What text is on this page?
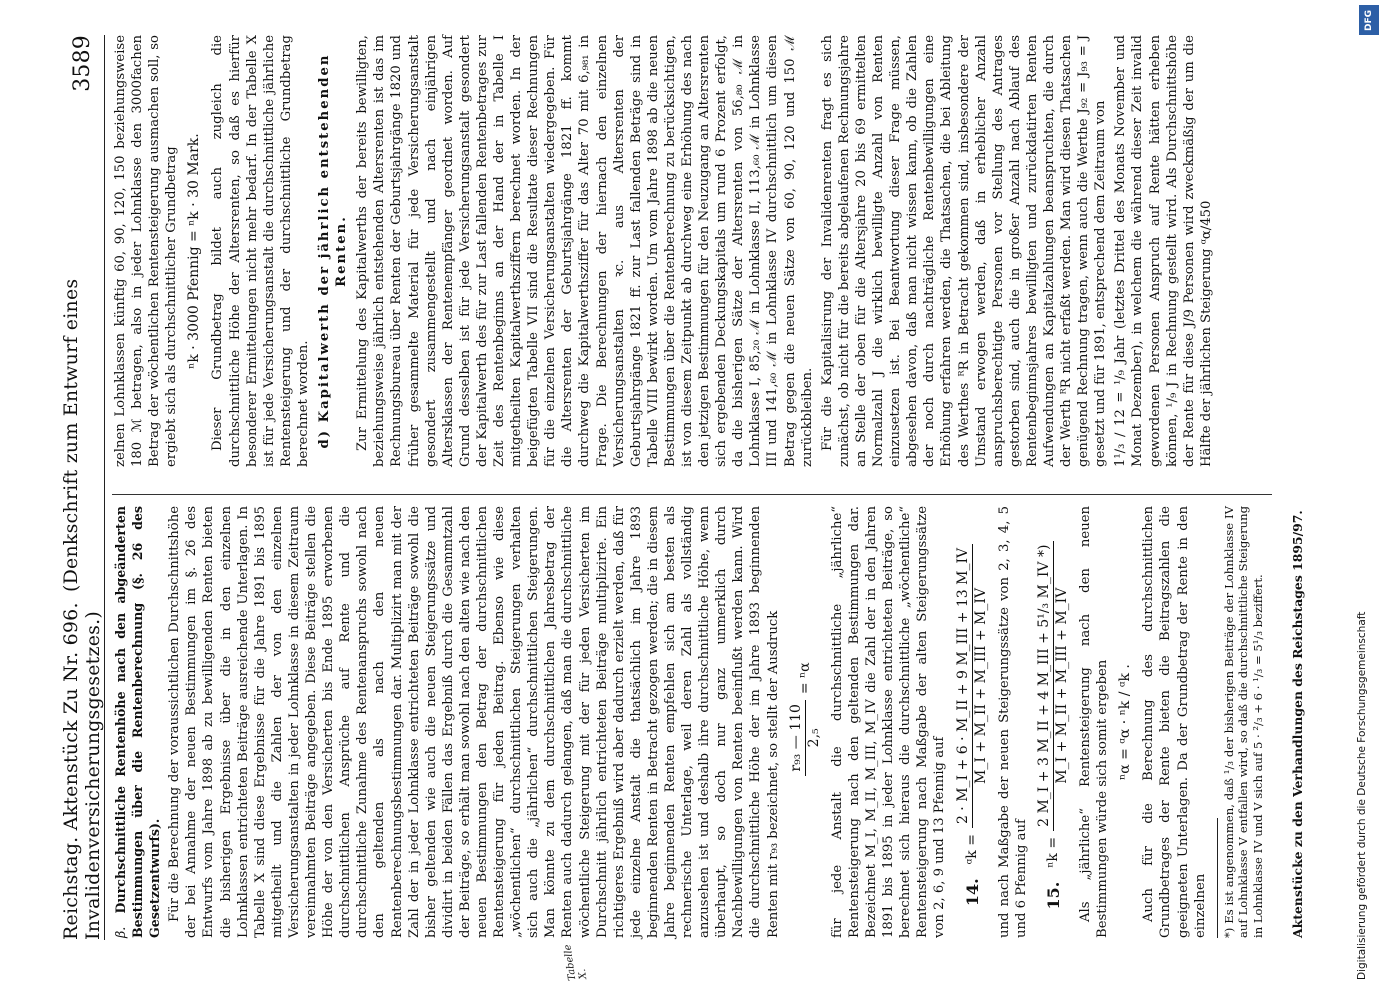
Reichstag. Aktenstück Zu Nr. 696. (Denkschrift zum Entwurf eines Invalidenversicherungsgesetzes.)
3589
Tabelle X.

β. Durchschnittliche Rentenhöhe nach den abgeänderten Bestimmungen über die Rentenberechnung (§. 26 des Gesetzentwurfs). Für die Berechnung der voraussichtlichen Durchschnittshöhe der bei Annahme der neuen Bestimmungen im §. 26 des Entwurfs vom Jahre 1898 ab zu bewilligenden Renten bieten die bisherigen Ergebnisse über die in den einzelnen Lohnklassen entrichteten Beiträge ausreichende Unterlagen. In Tabelle X sind diese Ergebnisse für die Jahre 1891 bis 1895 mitgetheilt und die Zahlen der von den einzelnen Versicherungsanstalten in jeder Lohnklasse in diesem Zeitraum vereinnahmten Beiträge angegeben. Diese Beiträge stellen die Höhe der von den Versicherten bis Ende 1895 erworbenen durchschnittlichen Ansprüche auf Rente und die durchschnittliche Zunahme des Rentenanspruchs sowohl nach den geltenden als nach den neuen Rentenberechnungsbestimmungen dar. Multiplizirt man mit der Zahl der in jeder Lohnklasse entrichteten Beiträge sowohl die bisher geltenden wie auch die neuen Steigerungssätze und dividirt in beiden Fällen das Ergebniß durch die Gesammtzahl der Beiträge, so erhält man sowohl nach den alten wie nach den neuen Bestimmungen den Betrag der durchschnittlichen Rentensteigerung für jeden Beitrag. Ebenso wie diese „wöchentlichen“ durchschnittlichen Steigerungen verhalten sich auch die „jährlichen“ durchschnittlichen Steigerungen. Man könnte zu dem durchschnittlichen Jahresbetrag der Renten auch dadurch gelangen, daß man die durchschnittliche wöchentliche Steigerung mit der für jeden Versicherten im Durchschnitt jährlich entrichteten Beiträge multiplizirte. Ein richtigeres Ergebniß wird aber dadurch erzielt werden, daß für jede einzelne Anstalt die thatsächlich im Jahre 1893 beginnenden Renten in Betracht gezogen werden; die in diesem Jahre beginnenden Renten empfehlen sich am besten als rechnerische Unterlage, weil deren Zahl als vollständig anzusehen ist und deshalb ihre durchschnittliche Höhe, wenn überhaupt, so doch nur ganz unmerklich durch Nachbewilligungen von Renten beeinflußt werden kann. Wird die durchschnittliche Höhe der im Jahre 1893 beginnenden Renten mit r₉₃ bezeichnet, so stellt der Ausdruck r₉₃ — 110 2,₅
= ⁿα für jede Anstalt die durchschnittliche „jährliche“ Rentensteigerung nach den geltenden Bestimmungen dar. Bezeichnet M_I, M_II, M_III, M_IV die Zahl der in den Jahren 1891 bis 1895 in jeder Lohnklasse entrichteten Beiträge, so berechnet sich hieraus die durchschnittliche „wöchentliche“ Rentensteigerung nach Maßgabe der alten Steigerungssätze von 2, 6, 9 und 13 Pfennig auf 14.
ᵅk =
2 · M_I + 6 · M_II + 9 M_III + 13 M_IV M_I + M_II + M_III + M_IV und nach Maßgabe der neuen Steigerungssätze von 2, 3, 4, 5 und 6 Pfennig auf 15.
ⁿk =
2 M_I + 3 M_II + 4 M_III + 5¹/₃ M_IV *) M_I + M_II + M_III + M_IV Als „jährliche“ Rentensteigerung nach den neuen Bestimmungen würde sich somit ergeben ⁿα = ᵅα · ⁿk / ᵅk . Auch für die Berechnung des durchschnittlichen Grundbetrages der Rente bieten die Beitragszahlen die geeigneten Unterlagen. Da der Grundbetrag der Rente in den einzelnen *) Es ist angenommen, daß ¹/₃ der bisherigen Beiträge der Lohnklasse IV auf Lohnklasse V entfallen wird, so daß die durchschnittliche Steigerung in Lohnklasse IV und V sich auf 5 · ²/₃ + 6 · ¹/₃ = 5¹/₃ beziffert.

zelnen Lohnklassen künftig 60, 90, 120, 150 beziehungsweise 180 ℳ betragen, also in jeder Lohnklasse den 3000fachen Betrag der wöchentlichen Rentensteigerung ausmachen soll, so ergiebt sich als durchschnittlicher Grundbetrag ⁿk · 3000 Pfennig = ⁿk · 30 Mark. Dieser Grundbetrag bildet auch zugleich die durchschnittliche Höhe der Altersrenten, so daß es hierfür besonderer Ermittelungen nicht mehr bedarf. In der Tabelle X ist für jede Versicherungsanstalt die durchschnittliche jährliche Rentensteigerung und der durchschnittliche Grundbetrag berechnet worden. d) Kapitalwerth der jährlich entstehenden Renten. Zur Ermittelung des Kapitalwerths der bereits bewilligten, beziehungsweise jährlich entstehenden Altersrenten ist das im Rechnungsbureau über Renten der Geburtsjahrgänge 1820 und früher gesammelte Material für jede Versicherungsanstalt gesondert zusammengestellt und nach einjährigen Altersklassen der Rentenempfänger geordnet worden. Auf Grund desselben ist für jede Versicherungsanstalt gesondert der Kapitalwerth des für zur Last fallenden Rentenbetrages zur Zeit des Rentenbeginns an der Hand der in Tabelle I mitgetheilten Kapitalwerthsziffern berechnet worden. In der beigefügten Tabelle VII sind die Resultate dieser Rechnungen für die einzelnen Versicherungsanstalten wiedergegeben. Für die Altersrenten der Geburtsjahrgänge 1821 ff. kommt durchweg die Kapitalwerthsziffer für das Alter 70 mit 6,₉₈₁ in Frage. Die Berechnungen der hiernach den einzelnen Versicherungsanstalten ꝛc. aus Altersrenten der Geburtsjahrgänge 1821 ff. zur Last fallenden Beträge sind in Tabelle VIII bewirkt worden. Um vom Jahre 1898 ab die neuen Bestimmungen über die Rentenberechnung zu berücksichtigen, ist von diesem Zeitpunkt ab durchweg eine Erhöhung des nach den jetzigen Bestimmungen für den Neuzugang an Altersrenten sich ergebenden Deckungskapitals um rund 6 Prozent erfolgt, da die bisherigen Sätze der Altersrenten von 56,₈₀ ℳ in Lohnklasse I, 85,₂₀ ℳ in Lohnklasse II, 113,₆₀ ℳ in Lohnklasse III und 141,₆₀ ℳ in Lohnklasse IV durchschnittlich um diesen Betrag gegen die neuen Sätze von 60, 90, 120 und 150 ℳ zurückbleiben. Für die Kapitalisirung der Invalidenrenten fragt es sich zunächst, ob nicht für die bereits abgelaufenen Rechnungsjahre an Stelle der oben für die Altersjahre 20 bis 69 ermittelten Normalzahl J die wirklich bewilligte Anzahl von Renten einzusetzen ist. Bei Beantwortung dieser Frage müssen, abgesehen davon, daß man nicht wissen kann, ob die Zahlen der noch durch nachträgliche Rentenbewilligungen eine Erhöhung erfahren werden, die Thatsachen, die bei Ableitung des Werthes ᴿR in Betracht gekommen sind, insbesondere der Umstand erwogen werden, daß in erheblicher Anzahl anspruchsberechtigte Personen vor Stellung des Antrages gestorben sind, auch die in großer Anzahl nach Ablauf des Rentenbeginnsjahres bewilligten und zurückdatirten Renten Aufwendungen an Kapitalzahlungen beanspruchten, die durch der Werth ᴿR nicht erfaßt werden. Man wird diesen Thatsachen genügend Rechnung tragen, wenn auch die Werthe J₉₂ = J₉₃ = J gesetzt und für 1891, entsprechend dem Zeitraum von 1¹/₃ / 12 = ¹/₉ Jahr (letztes Drittel des Monats November und Monat Dezember), in welchem die während dieser Zeit invalid gewordenen Personen Anspruch auf Rente hätten erheben können, ¹/₉ J in Rechnung gestellt wird. Als Durchschnittshöhe der Rente für diese J/9 Personen wird zweckmäßig der um die Hälfte der jährlichen Steigerung ᵅα/450

Aktenstücke zu den Verhandlungen des Reichstages 1895/97.
DFG
Digitalisierung gefördert durch die Deutsche Forschungsgemeinschaft
